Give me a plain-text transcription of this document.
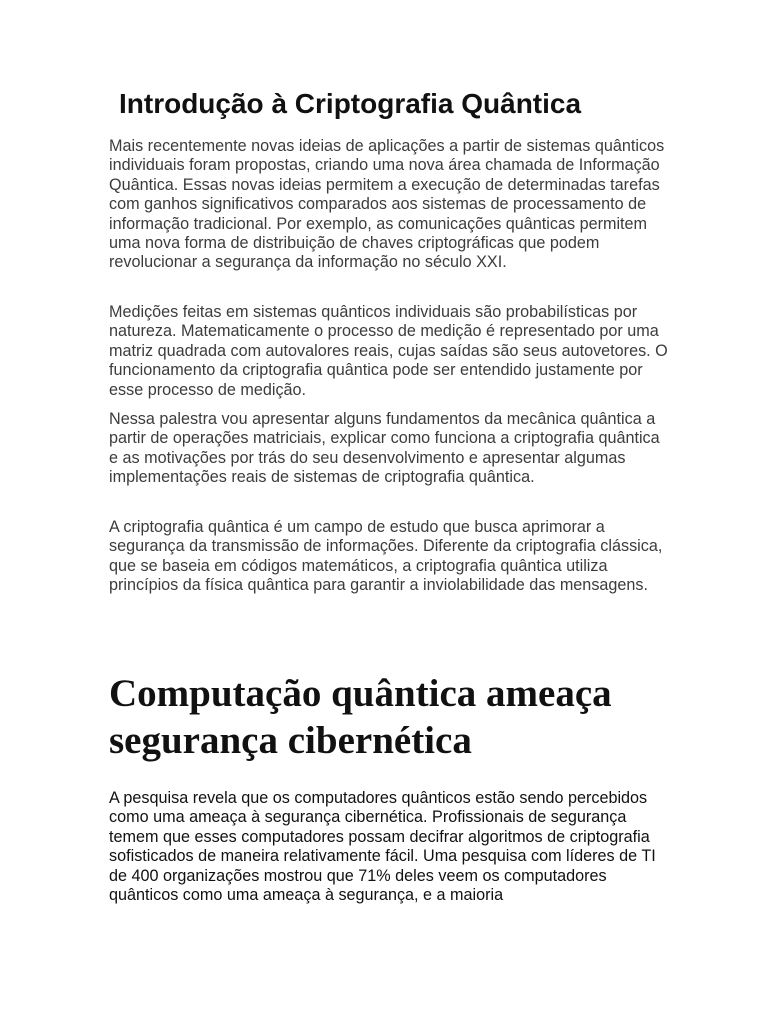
Introdução à Criptografia Quântica

Mais recentemente novas ideias de aplicações a partir de sistemas quânticos individuais foram propostas, criando uma nova área chamada de Informação Quântica. Essas novas ideias permitem a execução de determinadas tarefas com ganhos significativos comparados aos sistemas de processamento de informação tradicional. Por exemplo, as comunicações quânticas permitem uma nova forma de distribuição de chaves criptográficas que podem revolucionar a segurança da informação no século XXI.

Medições feitas em sistemas quânticos individuais são probabilísticas por natureza. Matematicamente o processo de medição é representado por uma matriz quadrada com autovalores reais, cujas saídas são seus autovetores. O funcionamento da criptografia quântica pode ser entendido justamente por esse processo de medição.

Nessa palestra vou apresentar alguns fundamentos da mecânica quântica a partir de operações matriciais, explicar como funciona a criptografia quântica e as motivações por trás do seu desenvolvimento e apresentar algumas implementações reais de sistemas de criptografia quântica.

A criptografia quântica é um campo de estudo que busca aprimorar a segurança da transmissão de informações. Diferente da criptografia clássica, que se baseia em códigos matemáticos, a criptografia quântica utiliza princípios da física quântica para garantir a inviolabilidade das mensagens.

Computação quântica ameaça segurança cibernética

A pesquisa revela que os computadores quânticos estão sendo percebidos como uma ameaça à segurança cibernética. Profissionais de segurança temem que esses computadores possam decifrar algoritmos de criptografia sofisticados de maneira relativamente fácil. Uma pesquisa com líderes de TI de 400 organizações mostrou que 71% deles veem os computadores quânticos como uma ameaça à segurança, e a maioria
